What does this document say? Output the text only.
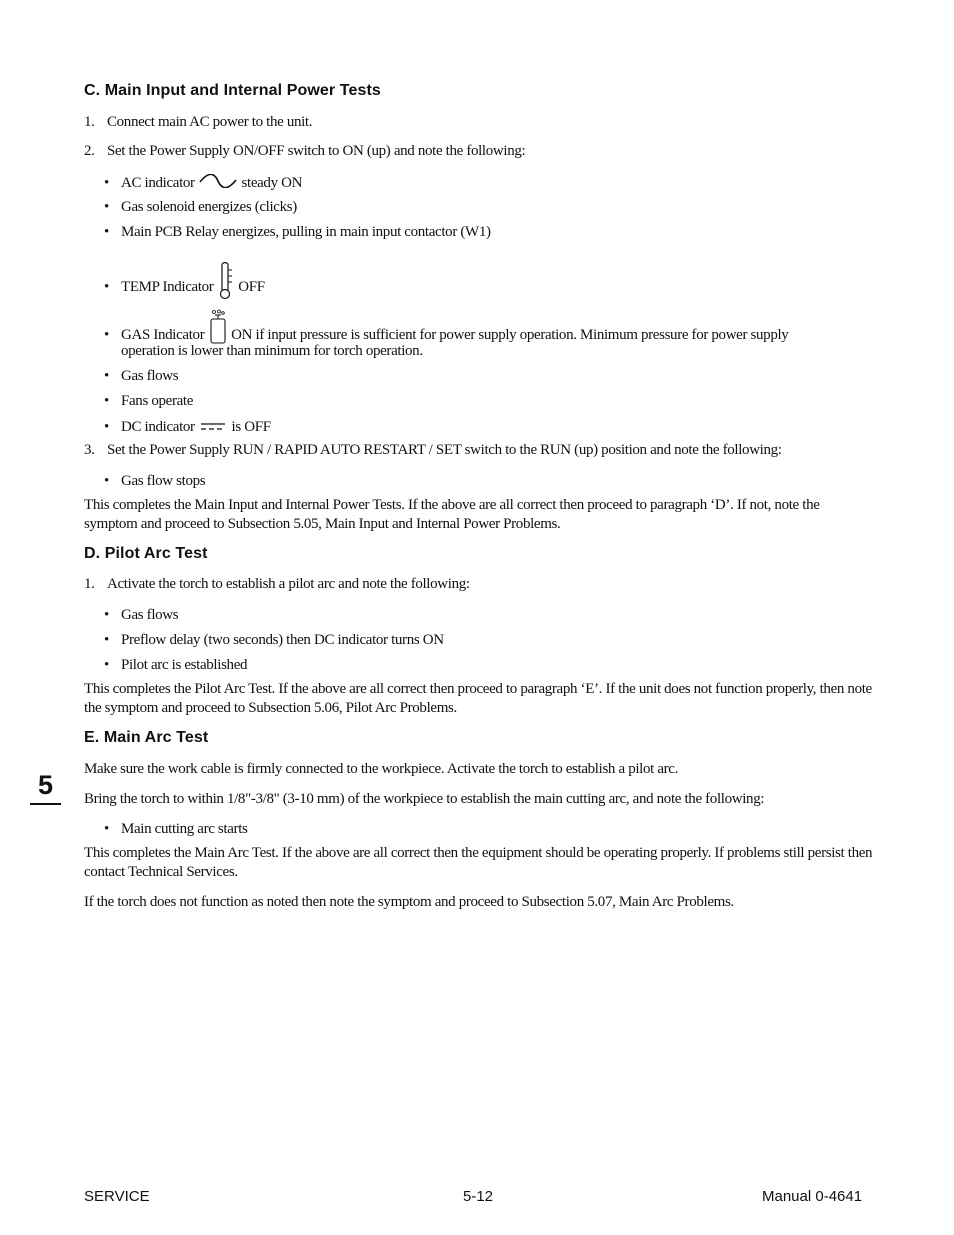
C. Main Input and Internal Power Tests
1. Connect main AC power to the unit.
2. Set the Power Supply ON/OFF switch to ON (up) and note the following:
• AC indicator	steady ON
• Gas solenoid energizes (clicks)
• Main PCB Relay energizes, pulling in main input contactor (W1)
• TEMP Indicator OFF
• GAS Indicator ON if input pressure is sufficient for power supply operation. Minimum pressure for power supply
operation is lower than minimum for torch operation.
• Gas flows
• Fans operate
• DC indicator is OFF
3. Set the Power Supply RUN / RAPID AUTO RESTART / SET switch to the RUN (up) position and note the following:
• Gas flow stops
This completes the Main Input and Internal Power Tests. If the above are all correct then proceed to paragraph ‘D’. If not, note the symptom and proceed to Subsection 5.05, Main Input and Internal Power Problems.
D. Pilot Arc Test
1. Activate the torch to establish a pilot arc and note the following:
• Gas flows
• Preflow delay (two seconds) then DC indicator turns ON
• Pilot arc is established
This completes the Pilot Arc Test. If the above are all correct then proceed to paragraph ‘E’. If the unit does not function properly, then note the symptom and proceed to Subsection 5.06, Pilot Arc Problems.
E. Main Arc Test
Make sure the work cable is firmly connected to the workpiece. Activate the torch to establish a pilot arc.
Bring the torch to within 1/8"-3/8" (3-10 mm) of the workpiece to establish the main cutting arc, and note the following:
• Main cutting arc starts
This completes the Main Arc Test. If the above are all correct then the equipment should be operating properly. If problems still persist then contact Technical Services.
If the torch does not function as noted then note the symptom and proceed to Subsection 5.07, Main Arc Problems.
5
SERVICE	5-12	Manual 0-4641
